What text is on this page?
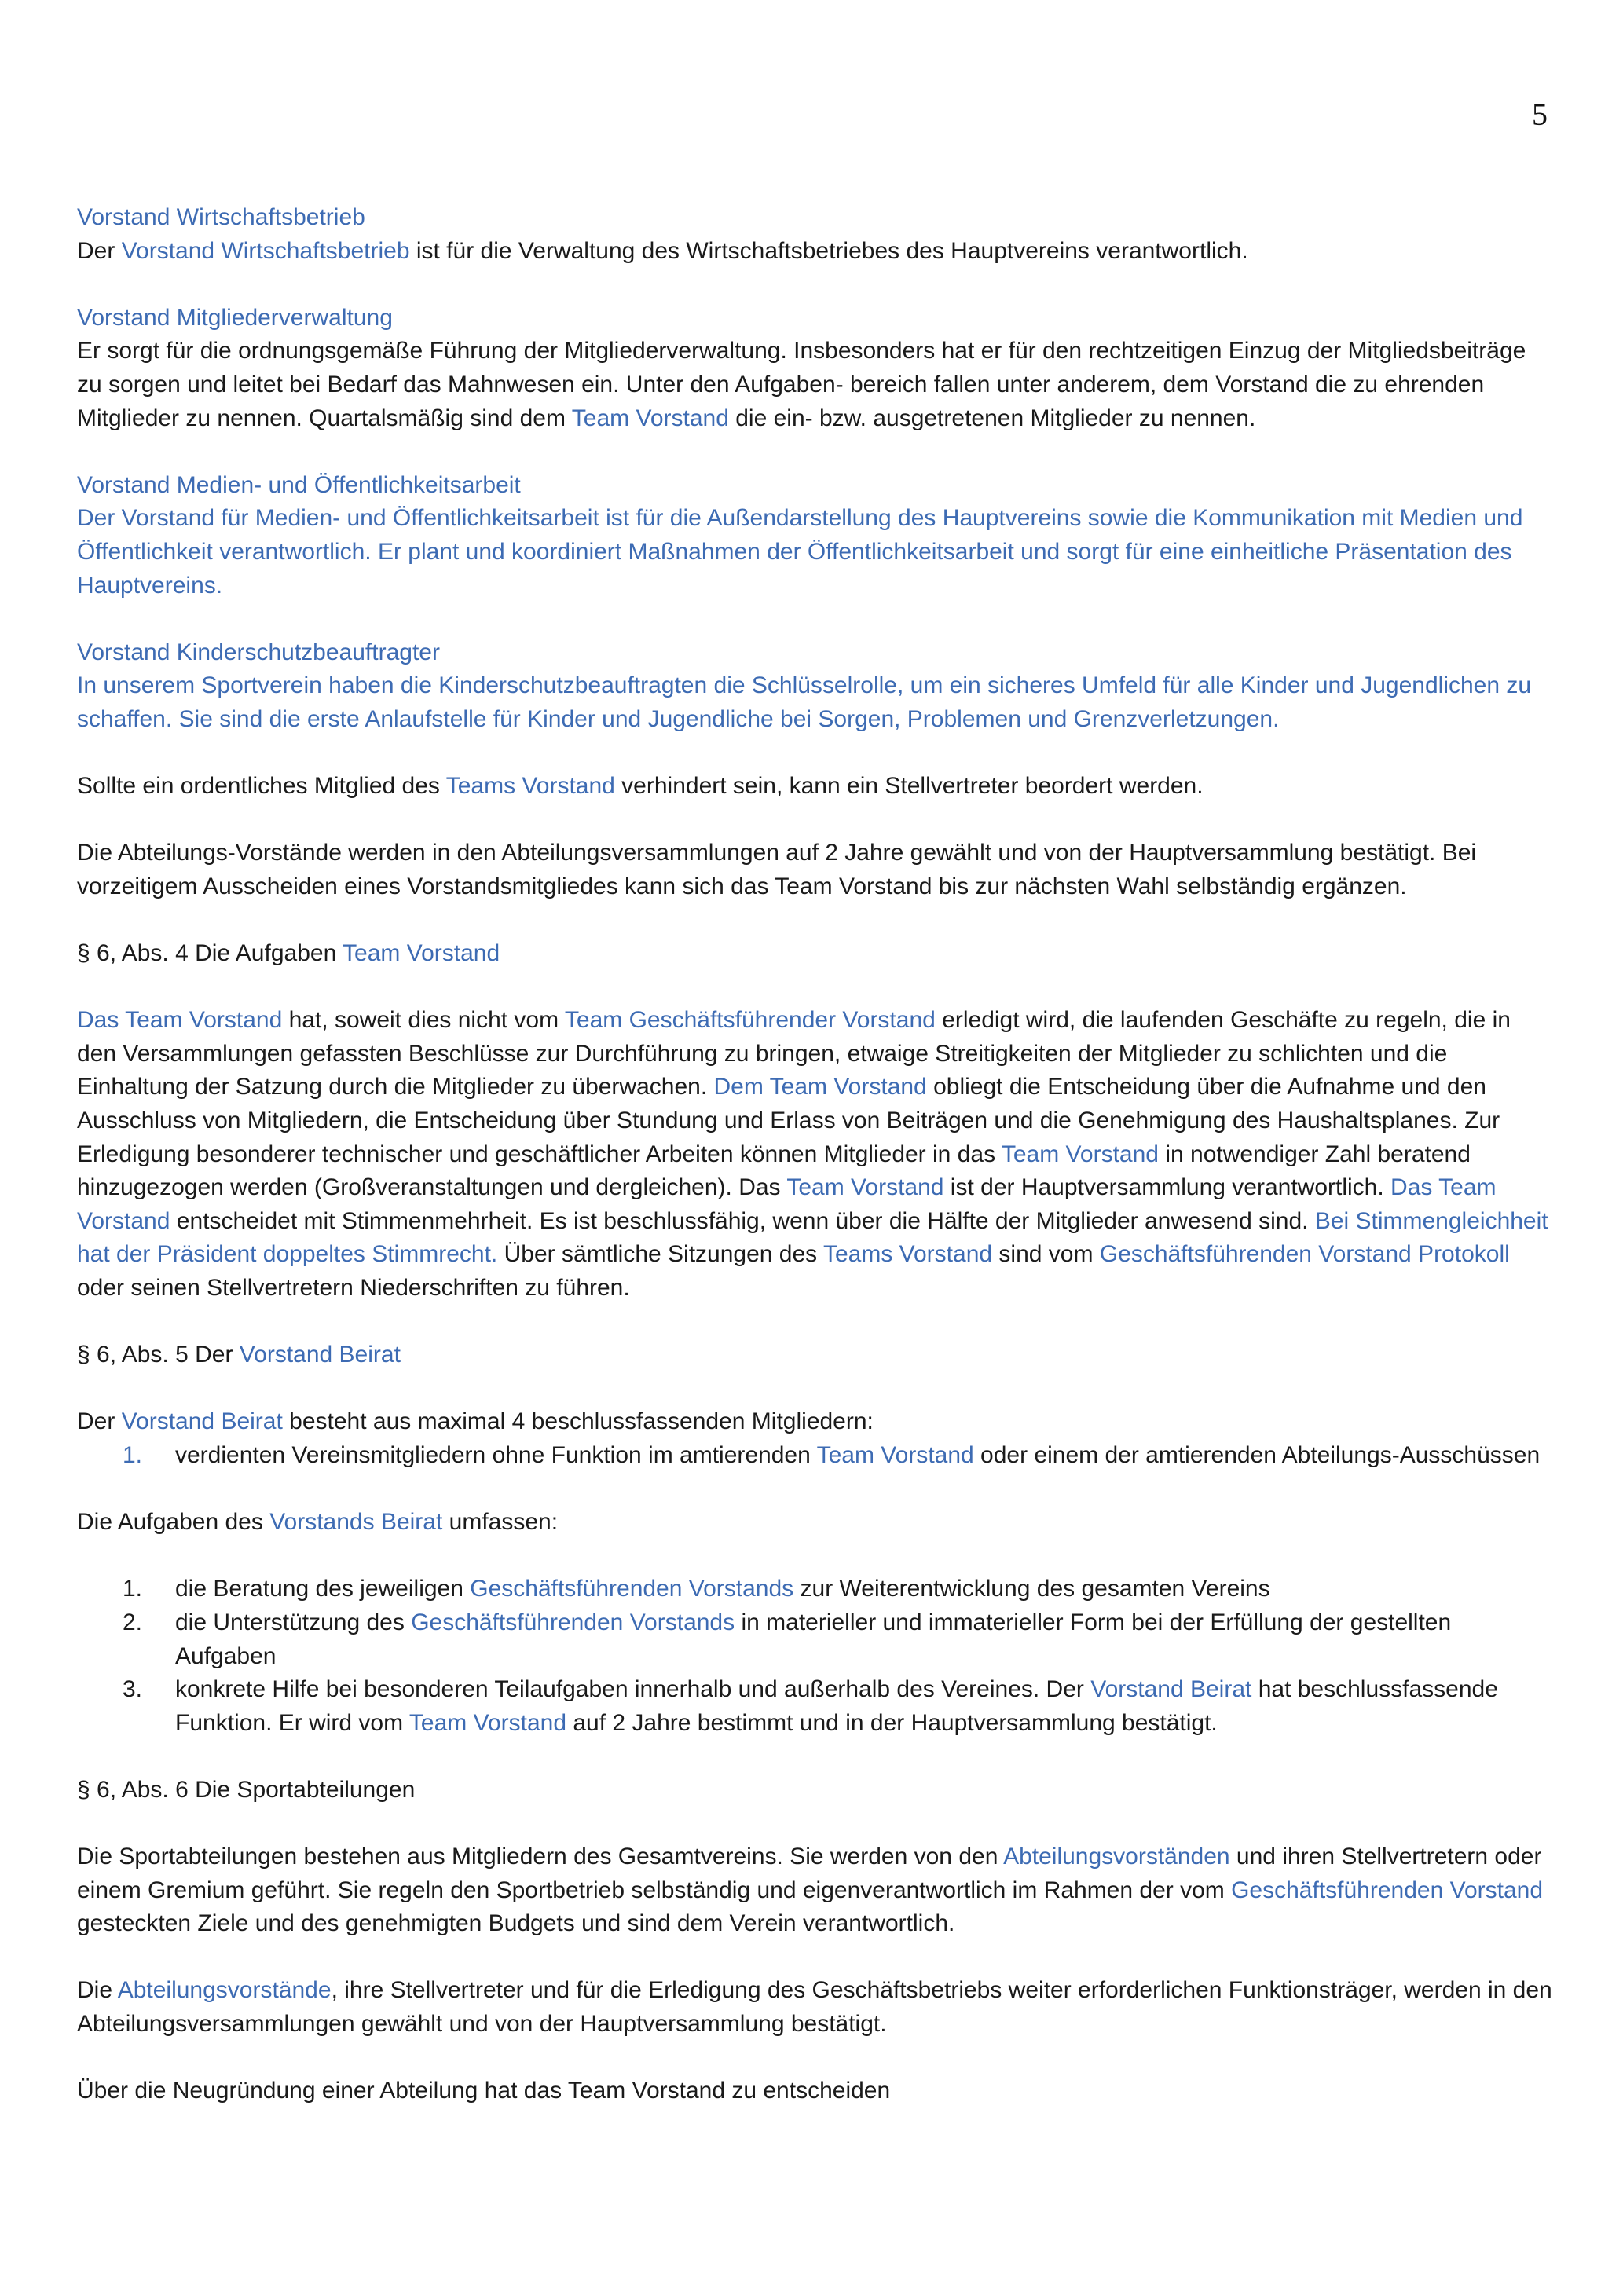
5
Vorstand Wirtschaftsbetrieb

Der Vorstand Wirtschaftsbetrieb ist für die Verwaltung des Wirtschaftsbetriebes des Hauptvereins verantwortlich.

Vorstand Mitgliederverwaltung

Er sorgt für die ordnungsgemäße Führung der Mitgliederverwaltung. Insbesonders hat er für den rechtzeitigen Einzug der Mitgliedsbeiträge zu sorgen und leitet bei Bedarf das Mahnwesen ein. Unter den Aufgaben- bereich fallen unter anderem, dem Vorstand die zu ehrenden Mitglieder zu nennen. Quartalsmäßig sind dem Team Vorstand die ein- bzw. ausgetretenen Mitglieder zu nennen.

Vorstand Medien- und Öffentlichkeitsarbeit

Der Vorstand für Medien- und Öffentlichkeitsarbeit ist für die Außendarstellung des Hauptvereins sowie die Kommunikation mit Medien und Öffentlichkeit verantwortlich. Er plant und koordiniert Maßnahmen der Öffentlichkeitsarbeit und sorgt für eine einheitliche Präsentation des Hauptvereins.

Vorstand Kinderschutzbeauftragter

In unserem Sportverein haben die Kinderschutzbeauftragten die Schlüsselrolle, um ein sicheres Umfeld für alle Kinder und Jugendlichen zu schaffen. Sie sind die erste Anlaufstelle für Kinder und Jugendliche bei Sorgen, Problemen und Grenzverletzungen.

Sollte ein ordentliches Mitglied des Teams Vorstand verhindert sein, kann ein Stellvertreter beordert werden.

Die Abteilungs-Vorstände werden in den Abteilungsversammlungen auf 2 Jahre gewählt und von der Hauptversammlung bestätigt. Bei vorzeitigem Ausscheiden eines Vorstandsmitgliedes kann sich das Team Vorstand bis zur nächsten Wahl selbständig ergänzen.

§ 6, Abs. 4 Die Aufgaben Team Vorstand

Das Team Vorstand hat, soweit dies nicht vom Team Geschäftsführender Vorstand erledigt wird, die laufenden Geschäfte zu regeln, die in den Versammlungen gefassten Beschlüsse zur Durchführung zu bringen, etwaige Streitigkeiten der Mitglieder zu schlichten und die Einhaltung der Satzung durch die Mitglieder zu überwachen. Dem Team Vorstand obliegt die Entscheidung über die Aufnahme und den Ausschluss von Mitgliedern, die Entscheidung über Stundung und Erlass von Beiträgen und die Genehmigung des Haushaltsplanes. Zur Erledigung besonderer technischer und geschäftlicher Arbeiten können Mitglieder in das Team Vorstand in notwendiger Zahl beratend hinzugezogen werden (Großveranstaltungen und dergleichen). Das Team Vorstand ist der Hauptversammlung verantwortlich. Das Team Vorstand entscheidet mit Stimmenmehrheit. Es ist beschlussfähig, wenn über die Hälfte der Mitglieder anwesend sind. Bei Stimmengleichheit hat der Präsident doppeltes Stimmrecht. Über sämtliche Sitzungen des Teams Vorstand sind vom Geschäftsführenden Vorstand Protokoll oder seinen Stellvertretern Niederschriften zu führen.

§ 6, Abs. 5 Der Vorstand Beirat

Der Vorstand Beirat besteht aus maximal 4 beschlussfassenden Mitgliedern:

1. verdienten Vereinsmitgliedern ohne Funktion im amtierenden Team Vorstand oder einem der amtierenden Abteilungs-Ausschüssen

Die Aufgaben des Vorstands Beirat umfassen:

1. die Beratung des jeweiligen Geschäftsführenden Vorstands zur Weiterentwicklung des gesamten Vereins
2. die Unterstützung des Geschäftsführenden Vorstands in materieller und immaterieller Form bei der Erfüllung der gestellten Aufgaben
3. konkrete Hilfe bei besonderen Teilaufgaben innerhalb und außerhalb des Vereines. Der Vorstand Beirat hat beschlussfassende Funktion. Er wird vom Team Vorstand auf 2 Jahre bestimmt und in der Hauptversammlung bestätigt.

§ 6, Abs. 6 Die Sportabteilungen

Die Sportabteilungen bestehen aus Mitgliedern des Gesamtvereins. Sie werden von den Abteilungsvorständen und ihren Stellvertretern oder einem Gremium geführt. Sie regeln den Sportbetrieb selbständig und eigenverantwortlich im Rahmen der vom Geschäftsführenden Vorstand gesteckten Ziele und des genehmigten Budgets und sind dem Verein verantwortlich.

Die Abteilungsvorstände, ihre Stellvertreter und für die Erledigung des Geschäftsbetriebs weiter erforderlichen Funktionsträger, werden in den Abteilungsversammlungen gewählt und von der Hauptversammlung bestätigt.

Über die Neugründung einer Abteilung hat das Team Vorstand zu entscheiden
